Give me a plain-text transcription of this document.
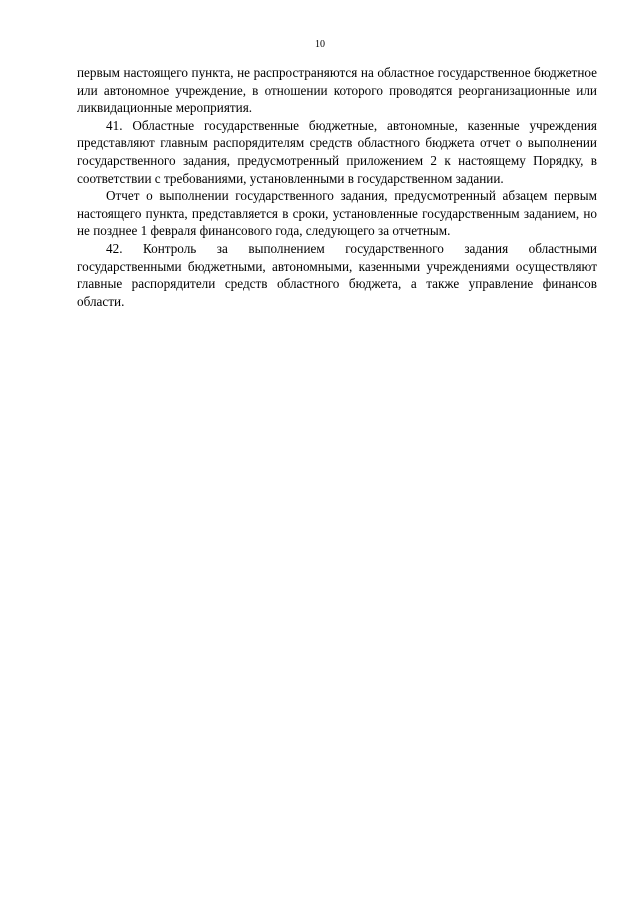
10

первым настоящего пункта, не распространяются на областное государственное бюджетное или автономное учреждение, в отношении которого проводятся реорганизационные или ликвидационные мероприятия.

41. Областные государственные бюджетные, автономные, казенные учреждения представляют главным распорядителям средств областного бюджета отчет о выполнении государственного задания, предусмотренный приложением 2 к настоящему Порядку, в соответствии с требованиями, установленными в государственном задании.

Отчет о выполнении государственного задания, предусмотренный абзацем первым настоящего пункта, представляется в сроки, установленные государственным заданием, но не позднее 1 февраля финансового года, следующего за отчетным.

42. Контроль за выполнением государственного задания областными государственными бюджетными, автономными, казенными учреждениями осуществляют главные распорядители средств областного бюджета, а также управление финансов области.
